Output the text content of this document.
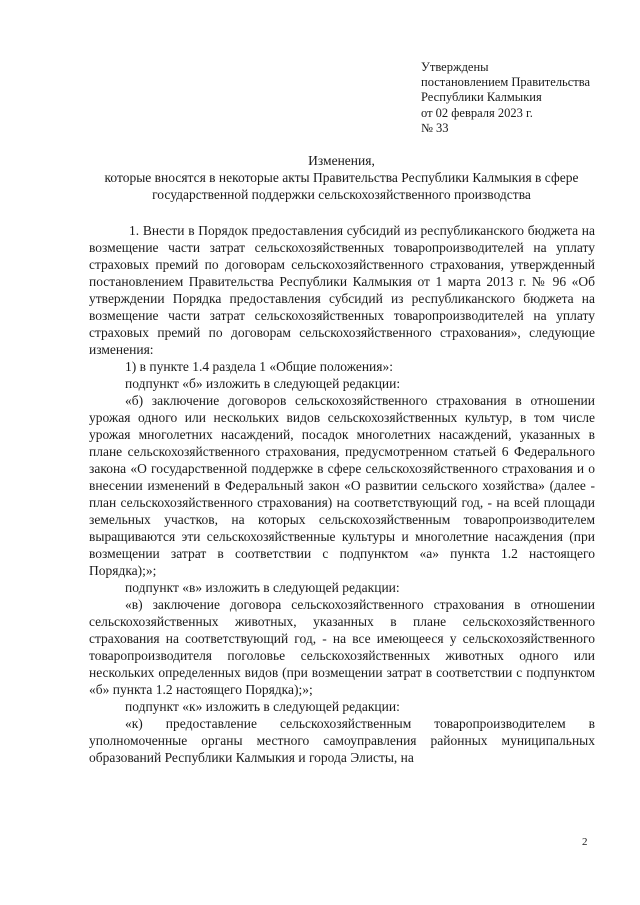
Утверждены
постановлением Правительства
Республики Калмыкия
от 02 февраля 2023 г.
№ 33
Изменения,
которые вносятся в некоторые акты Правительства Республики Калмыкия в сфере государственной поддержки сельскохозяйственного производства

1. Внести в Порядок предоставления субсидий из республиканского бюджета на возмещение части затрат сельскохозяйственных товаропроизводителей на уплату страховых премий по договорам сельскохозяйственного страхования, утвержденный постановлением Правительства Республики Калмыкия от 1 марта 2013 г. № 96 «Об утверждении Порядка предоставления субсидий из республиканского бюджета на возмещение части затрат сельскохозяйственных товаропроизводителей на уплату страховых премий по договорам сельскохозяйственного страхования», следующие изменения:

1) в пункте 1.4 раздела 1 «Общие положения»:

подпункт «б» изложить в следующей редакции:

«б) заключение договоров сельскохозяйственного страхования в отношении урожая одного или нескольких видов сельскохозяйственных культур, в том числе урожая многолетних насаждений, посадок многолетних насаждений, указанных в плане сельскохозяйственного страхования, предусмотренном статьей 6 Федерального закона «О государственной поддержке в сфере сельскохозяйственного страхования и о внесении изменений в Федеральный закон «О развитии сельского хозяйства» (далее - план сельскохозяйственного страхования) на соответствующий год, - на всей площади земельных участков, на которых сельскохозяйственным товаропроизводителем выращиваются эти сельскохозяйственные культуры и многолетние насаждения (при возмещении затрат в соответствии с подпунктом «а» пункта 1.2 настоящего Порядка);»;

подпункт «в» изложить в следующей редакции:

«в) заключение договора сельскохозяйственного страхования в отношении сельскохозяйственных животных, указанных в плане сельскохозяйственного страхования на соответствующий год, - на все имеющееся у сельскохозяйственного товаропроизводителя поголовье сельскохозяйственных животных одного или нескольких определенных видов (при возмещении затрат в соответствии с подпунктом «б» пункта 1.2 настоящего Порядка);»;

подпункт «к» изложить в следующей редакции:

«к) предоставление сельскохозяйственным товаропроизводителем в уполномоченные органы местного самоуправления районных муниципальных образований Республики Калмыкия и города Элисты, на

2
